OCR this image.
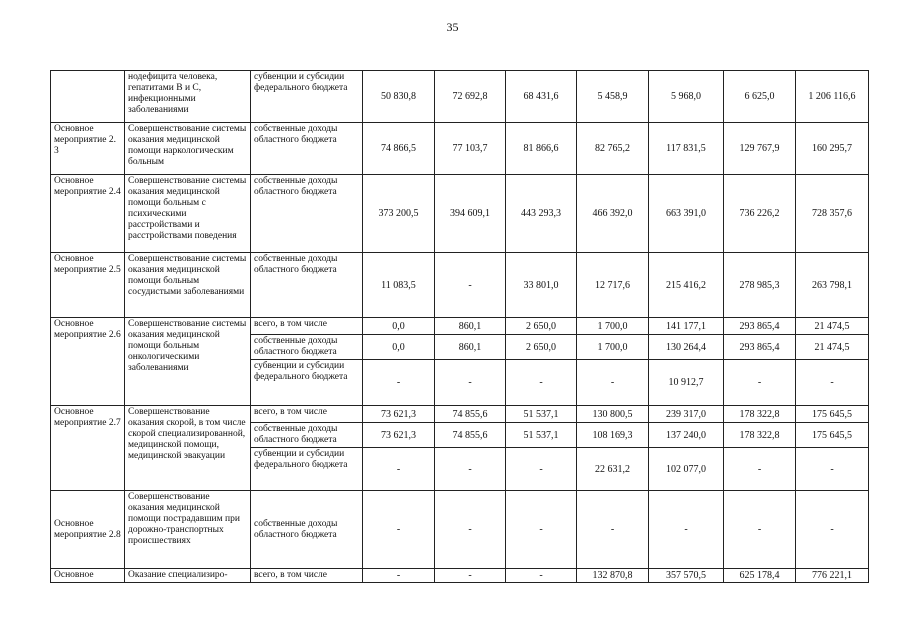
35
	нодефицита человека, гепатитами В и С, инфекционными заболеваниями	субвенции и субсидии федерального бюджета	50 830,8	72 692,8	68 431,6	5 458,9	5 968,0	6 625,0	1 206 116,6
Основное мероприятие 2. 3	Совершенствование системы оказания медицинской помощи наркологическим больным	собственные доходы областного бюджета	74 866,5	77 103,7	81 866,6	82 765,2	117 831,5	129 767,9	160 295,7
Основное мероприятие 2.4	Совершенствование системы оказания медицинской помощи больным с психическими расстройствами и расстройствами поведения	собственные доходы областного бюджета	373 200,5	394 609,1	443 293,3	466 392,0	663 391,0	736 226,2	728 357,6
Основное мероприятие 2.5	Совершенствование системы оказания медицинской помощи больным сосудистыми заболеваниями	собственные доходы областного бюджета	11 083,5	-	33 801,0	12 717,6	215 416,2	278 985,3	263 798,1
Основное мероприятие 2.6	Совершенствование системы оказания медицинской помощи больным онкологическими заболеваниями	всего, в том числе	0,0	860,1	2 650,0	1 700,0	141 177,1	293 865,4	21 474,5
		собственные доходы областного бюджета	0,0	860,1	2 650,0	1 700,0	130 264,4	293 865,4	21 474,5
		субвенции и субсидии федерального бюджета	-	-	-	-	10 912,7	-	-
Основное мероприятие 2.7	Совершенствование оказания скорой, в том числе скорой специализированной, медицинской помощи, медицинской эвакуации	всего, в том числе	73 621,3	74 855,6	51 537,1	130 800,5	239 317,0	178 322,8	175 645,5
		собственные доходы областного бюджета	73 621,3	74 855,6	51 537,1	108 169,3	137 240,0	178 322,8	175 645,5
		субвенции и субсидии федерального бюджета	-	-	-	22 631,2	102 077,0	-	-
Основное мероприятие 2.8	Совершенствование оказания медицинской помощи пострадавшим при дорожно-транспортных происшествиях	собственные доходы областного бюджета	-	-	-	-	-	-	-
Основное	Оказание специализиро-	всего, в том числе	-	-	-	132 870,8	357 570,5	625 178,4	776 221,1
